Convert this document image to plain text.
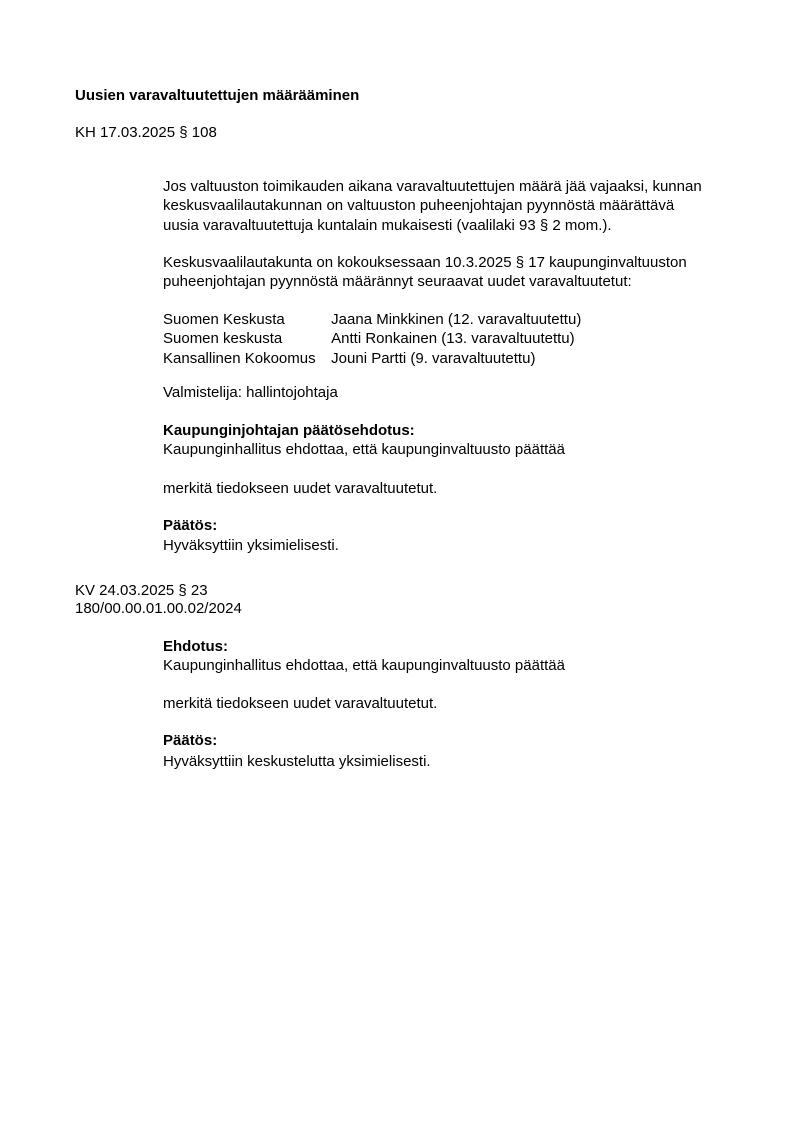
Uusien varavaltuutettujen määrääminen
KH 17.03.2025 § 108
Jos valtuuston toimikauden aikana varavaltuutettujen määrä jää vajaaksi, kunnan
keskusvaalilautakunnan on valtuuston puheenjohtajan pyynnöstä määrättävä
uusia varavaltuutettuja kuntalain mukaisesti (vaalilaki 93 § 2 mom.).
Keskusvaalilautakunta on kokouksessaan 10.3.2025 § 17 kaupunginvaltuuston
puheenjohtajan pyynnöstä määrännyt seuraavat uudet varavaltuutetut:
Suomen Keskusta	Jaana Minkkinen (12. varavaltuutettu)
Suomen keskusta	Antti Ronkainen (13. varavaltuutettu)
Kansallinen Kokoomus Jouni Partti (9. varavaltuutettu)
Valmistelija: hallintojohtaja
Kaupunginjohtajan päätösehdotus:
Kaupunginhallitus ehdottaa, että kaupunginvaltuusto päättää
merkitä tiedokseen uudet varavaltuutetut.
Päätös:
Hyväksyttiin yksimielisesti.
KV 24.03.2025 § 23
180/00.00.01.00.02/2024
Ehdotus:
Kaupunginhallitus ehdottaa, että kaupunginvaltuusto päättää
merkitä tiedokseen uudet varavaltuutetut.
Päätös:
Hyväksyttiin keskustelutta yksimielisesti.
